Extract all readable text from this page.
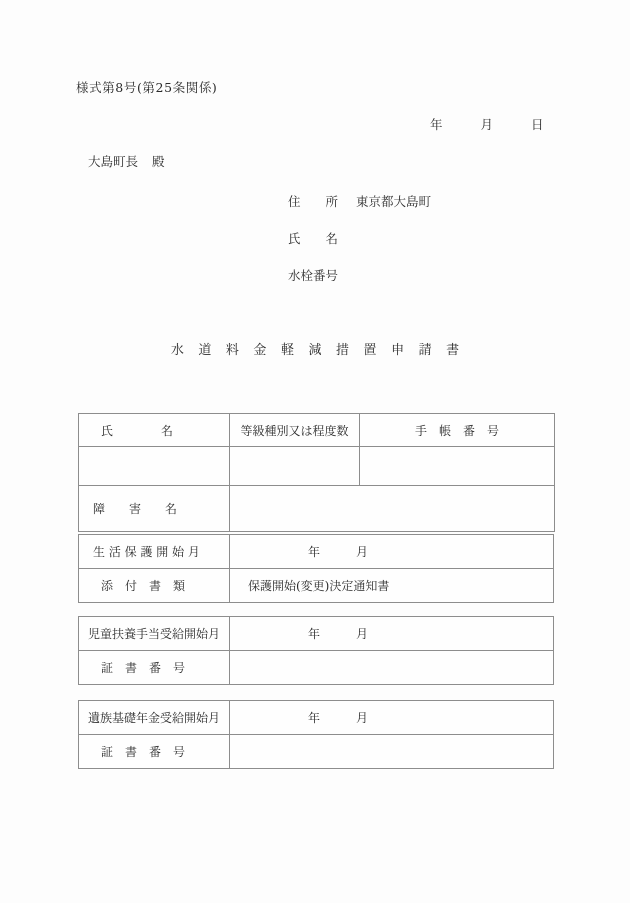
様式第8号(第25条関係)
年	月	日
大島町長 殿
住　　所 東京都大島町
氏　　名
水栓番号
水 道 料 金 軽 減 措 置 申 請 書
氏　　　　名	等級種別又は程度数	手　帳　番　号

障　　害　　名		

生 活 保 護 開 始 月	年　　　月

添　付　書　類	保護開始(変更)決定通知書
児童扶養手当受給開始月	年　　　月

証　書　番　号	

遺族基礎年金受給開始月	年　　　月

証　書　番　号	
